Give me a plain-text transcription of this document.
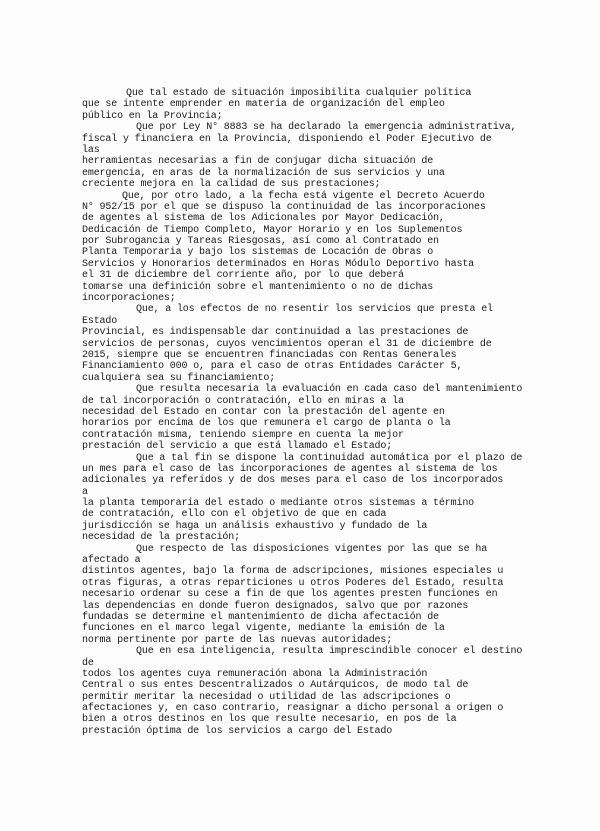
Que tal estado de situación imposibilita cualquier política
que se intente emprender en materia de organización del empleo
público en la Provincia;
Que por Ley N° 8883 se ha declarado la emergencia administrativa,
fiscal y financiera en la Provincia, disponiendo el Poder Ejecutivo de
las
herramientas necesarias a fin de conjugar dicha situación de
emergencia, en aras de la normalización de sus servicios y una
creciente mejora en la calidad de sus prestaciones;
Que, por otro lado, a la fecha está vigente el Decreto Acuerdo
N° 952/15 por el que se dispuso la continuidad de las incorporaciones
de agentes al sistema de los Adicionales por Mayor Dedicación,
Dedicación de Tiempo Completo, Mayor Horario y en los Suplementos
por Subrogancia y Tareas Riesgosas, así como al Contratado en
Planta Temporaria y bajo los sistemas de Locación de Obras o
Servicios y Honorarios determinados en Horas Módulo Deportivo hasta
el 31 de diciembre del corriente año, por lo que deberá
tomarse una definición sobre el mantenimiento o no de dichas
incorporaciones;
Que, a los efectos de no resentir los servicios que presta el
Estado
Provincial, es indispensable dar continuidad a las prestaciones de
servicios de personas, cuyos vencimientos operan el 31 de diciembre de
2015, siempre que se encuentren financiadas con Rentas Generales
Financiamiento 000 o, para el caso de otras Entidades Carácter 5,
cualquiera sea su financiamiento;
Que resulta necesaria la evaluación en cada caso del mantenimiento
de tal incorporación o contratación, ello en miras a la
necesidad del Estado en contar con la prestación del agente en
horarios por encima de los que remunera el cargo de planta o la
contratación misma, teniendo siempre en cuenta la mejor
prestación del servicio a que está llamado el Estado;
Que a tal fin se dispone la continuidad automática por el plazo de
un mes para el caso de las incorporaciones de agentes al sistema de los
adicionales ya referidos y de dos meses para el caso de los incorporados
a
la planta temporaria del estado o mediante otros sistemas a término
de contratación, ello con el objetivo de que en cada
jurisdicción se haga un análisis exhaustivo y fundado de la
necesidad de la prestación;
Que respecto de las disposiciones vigentes por las que se ha
afectado a
distintos agentes, bajo la forma de adscripciones, misiones especiales u
otras figuras, a otras reparticiones u otros Poderes del Estado, resulta
necesario ordenar su cese a fin de que los agentes presten funciones en
las dependencias en donde fueron designados, salvo que por razones
fundadas se determine el mantenimiento de dicha afectación de
funciones en el marco legal vigente, mediante la emisión de la
norma pertinente por parte de las nuevas autoridades;
Que en esa inteligencia, resulta imprescindible conocer el destino
de
todos los agentes cuya remuneración abona la Administración
Central o sus entes Descentralizados o Autárquicos, de modo tal de
permitir meritar la necesidad o utilidad de las adscripciones o
afectaciones y, en caso contrario, reasignar a dicho personal a origen o
bien a otros destinos en los que resulte necesario, en pos de la
prestación óptima de los servicios a cargo del Estado
